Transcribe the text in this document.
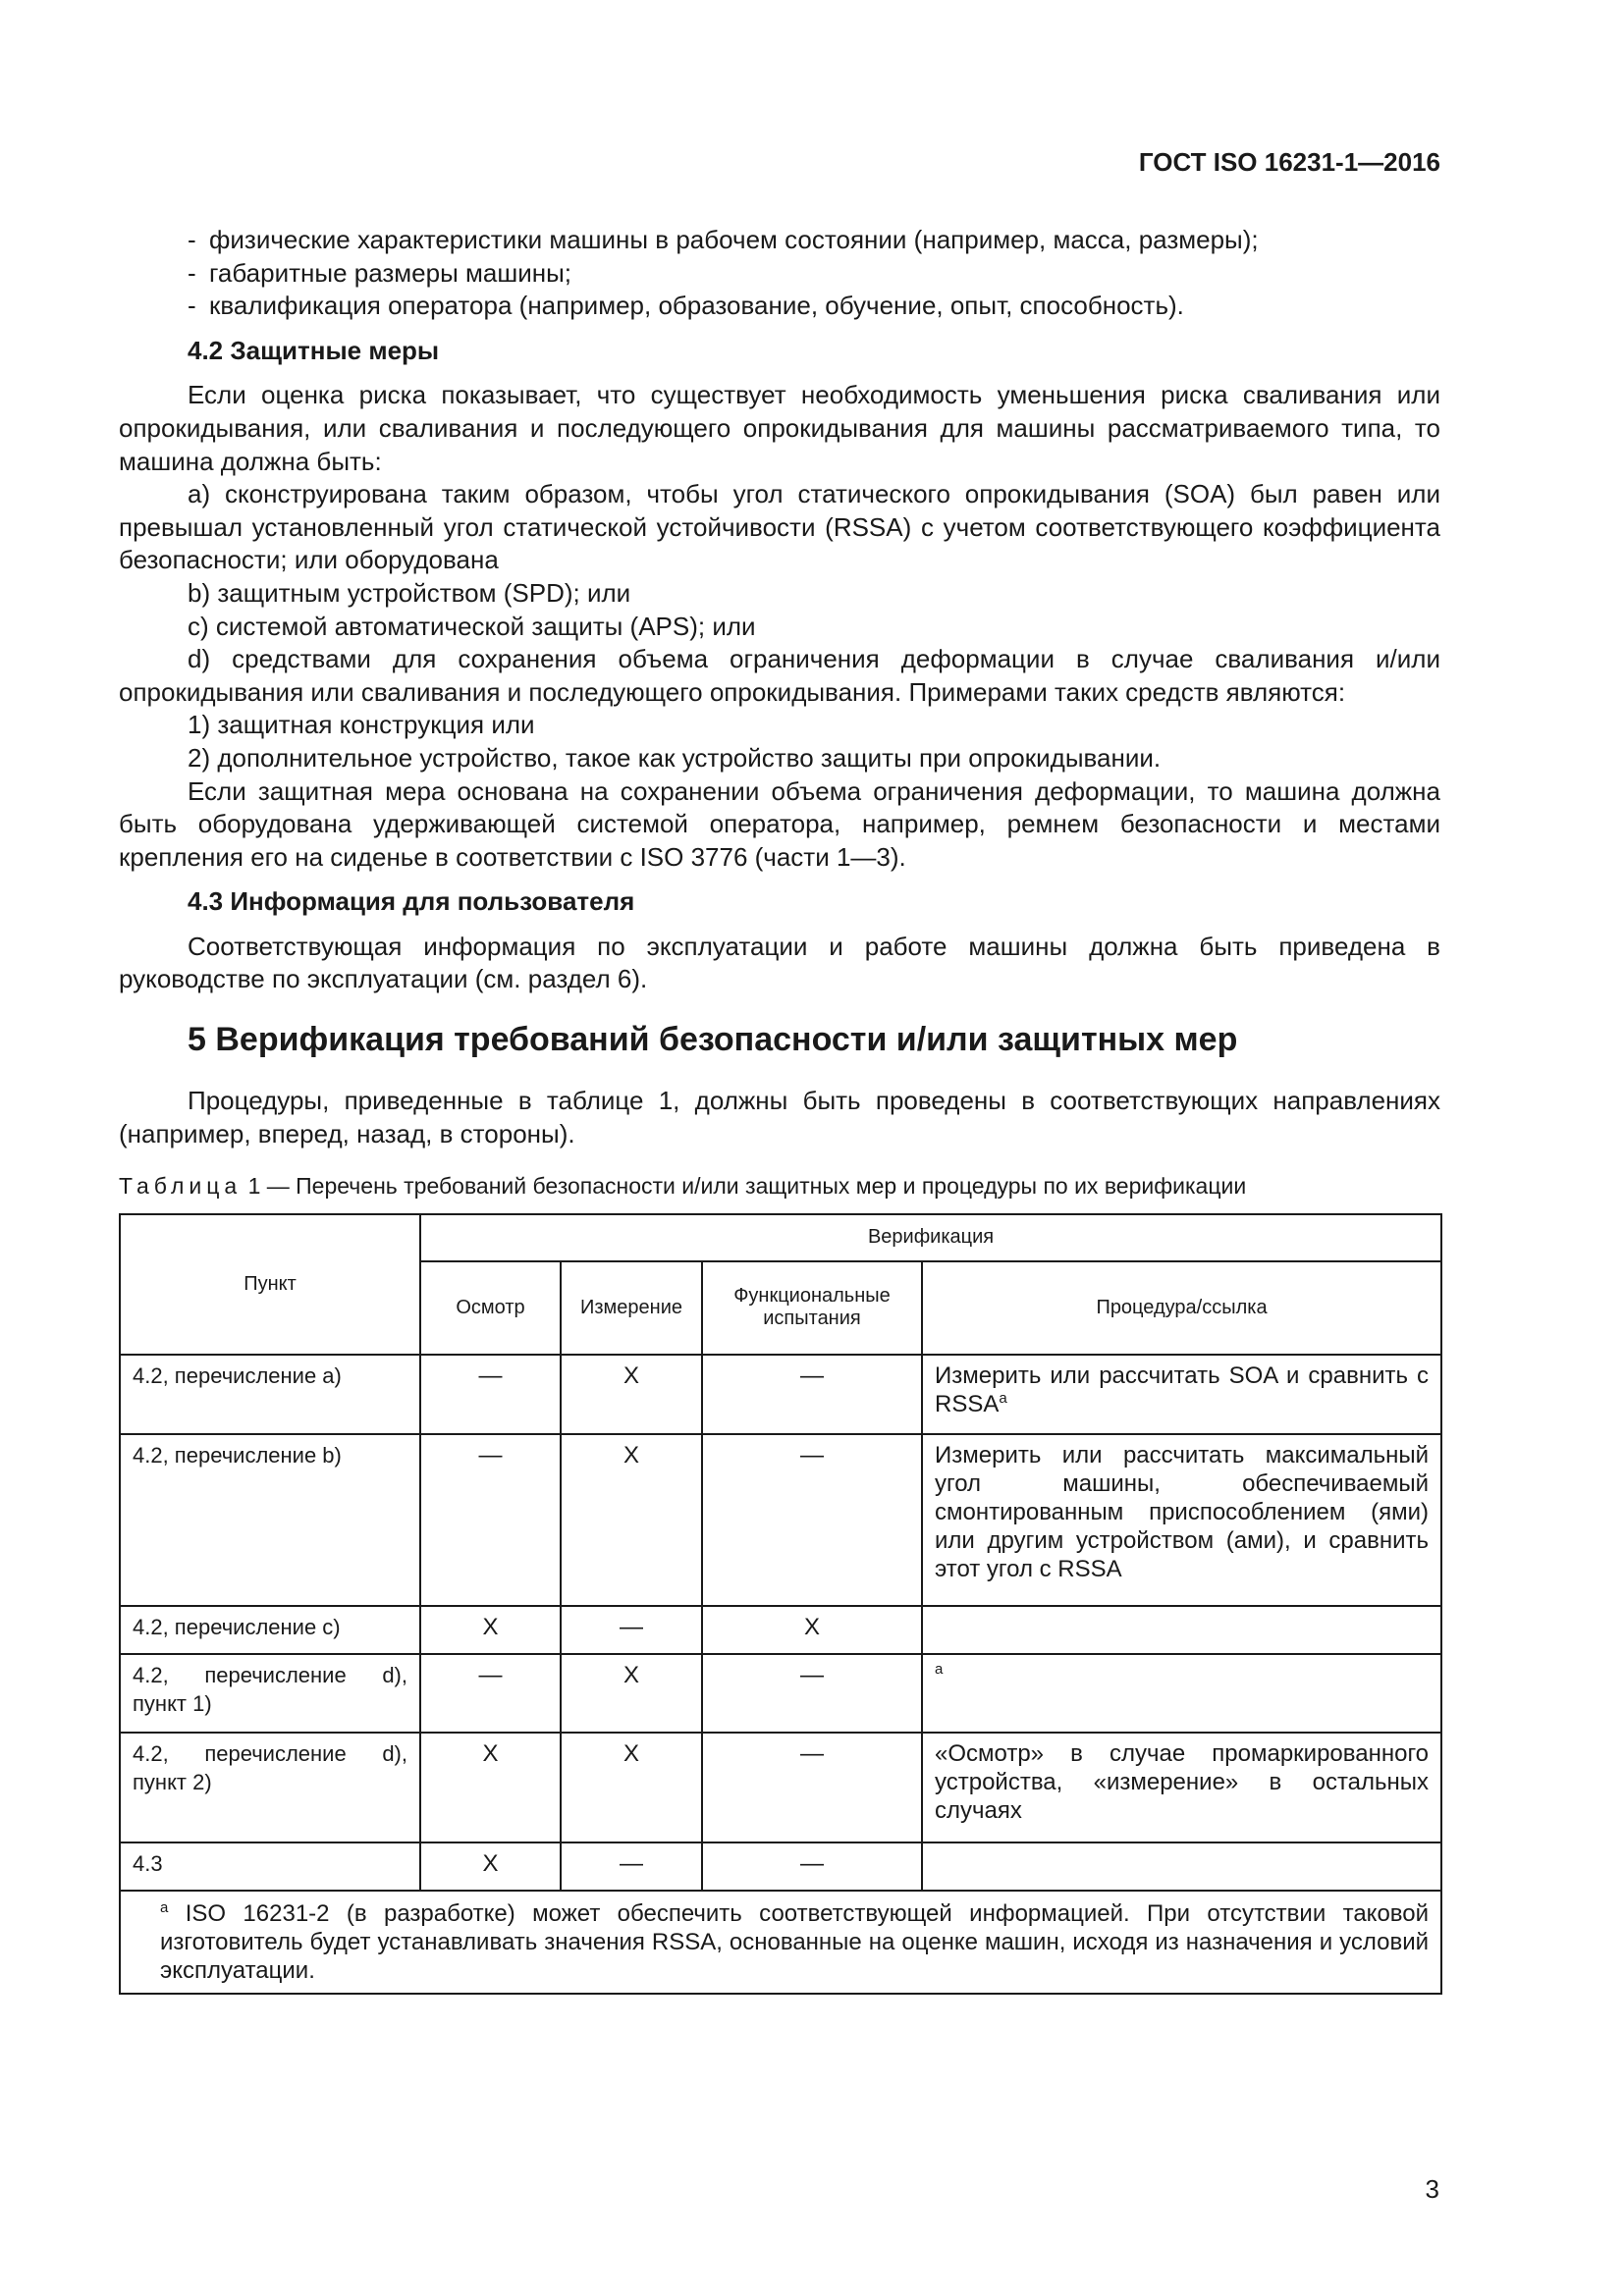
ГОСТ ISO 16231-1—2016
- физические характеристики машины в рабочем состоянии (например, масса, размеры);
- габаритные размеры машины;
- квалификация оператора (например, образование, обучение, опыт, способность).

4.2 Защитные меры

Если оценка риска показывает, что существует необходимость уменьшения риска сваливания или опрокидывания, или сваливания и последующего опрокидывания для машины рассматриваемого типа, то машина должна быть:

a) сконструирована таким образом, чтобы угол статического опрокидывания (SOA) был равен или превышал установленный угол статической устойчивости (RSSA) с учетом соответствующего коэффициента безопасности; или оборудована

b) защитным устройством (SPD); или

c) системой автоматической защиты (APS); или

d) средствами для сохранения объема ограничения деформации в случае сваливания и/или опрокидывания или сваливания и последующего опрокидывания. Примерами таких средств являются:

1) защитная конструкция или

2) дополнительное устройство, такое как устройство защиты при опрокидывании.

Если защитная мера основана на сохранении объема ограничения деформации, то машина должна быть оборудована удерживающей системой оператора, например, ремнем безопасности и местами крепления его на сиденье в соответствии с ISO 3776 (части 1—3).

4.3 Информация для пользователя

Соответствующая информация по эксплуатации и работе машины должна быть приведена в руководстве по эксплуатации (см. раздел 6).

5 Верификация требований безопасности и/или защитных мер

Процедуры, приведенные в таблице 1, должны быть проведены в соответствующих направлениях (например, вперед, назад, в стороны).

Таблица 1 — Перечень требований безопасности и/или защитных мер и процедуры по их верификации

Пункт	Верификация			
	Осмотр	Измерение	Функциональные испытания	Процедура/ссылка
4.2, перечисление a)	—	X	—	Измерить или рассчитать SOA и сравнить с RSSA$^a$
4.2, перечисление b)	—	X	—	Измерить или рассчитать максимальный угол машины, обеспечиваемый смонтированным приспособлением (ями) или другим устройством (ами), и сравнить этот угол с RSSA
4.2, перечисление c)	X	—	X	
4.2, перечисление d), пункт 1)	—	X	—	$^a$
4.2, перечисление d), пункт 2)	X	X	—	«Осмотр» в случае промаркированного устройства, «измерение» в остальных случаях
4.3	X	—	—	
$^a$ ISO 16231-2 (в разработке) может обеспечить соответствующей информацией. При отсутствии таковой изготовитель будет устанавливать значения RSSA, основанные на оценке машин, исходя из назначения и условий эксплуатации.				
3
